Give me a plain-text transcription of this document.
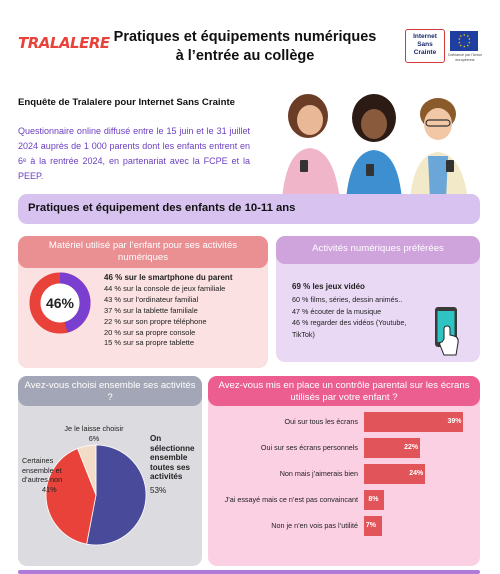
TRALALERE Pratiques et équipements numériques
à l’entrée au collège
Internet
Sans
Crainte
★ ★
★
★
★
★
★
★
★
★
Cofinancé par l’Union européenne
Enquête de Tralalere pour Internet Sans Crainte
Questionnaire online diffusé entre le 15 juin et le 31 juillet 2024 auprès de 1 000 parents dont les enfants entrent en 6ᵉ à la rentrée 2024, en partenariat avec la FCPE et la PEEP.
Pratiques et équipement des enfants de 10-11 ans
Matériel utilisé par l’enfant pour ses activités numériques
46%
46 % sur le smartphone du parent
44 % sur la console de jeux familiale
43 % sur l’ordinateur familial
37 % sur la tablette familiale
22 % sur son propre téléphone
20 % sur sa propre console
15 % sur sa propre tablette
Activités numériques préférées
69 % les jeux vidéo
60 % films, séries, dessin animés..
47 % écouter de la musique
46 % regarder des vidéos (Youtube, TikTok)
Avez-vous choisi ensemble ses activités ?
Je le laisse choisir
6%
Certaines ensemble et d’autres non
41%
On sélectionne ensemble toutes ses activités
53%
Avez-vous mis en place un contrôle parental sur les écrans utilisés par votre enfant ?
Oui sur tous les écrans	39%
Oui sur ses écrans personnels	22%
Non mais j’aimerais bien	24%
J’ai essayé mais ce n’est pas convaincant 8%
Non je n’en vois pas l’utilité 7%
